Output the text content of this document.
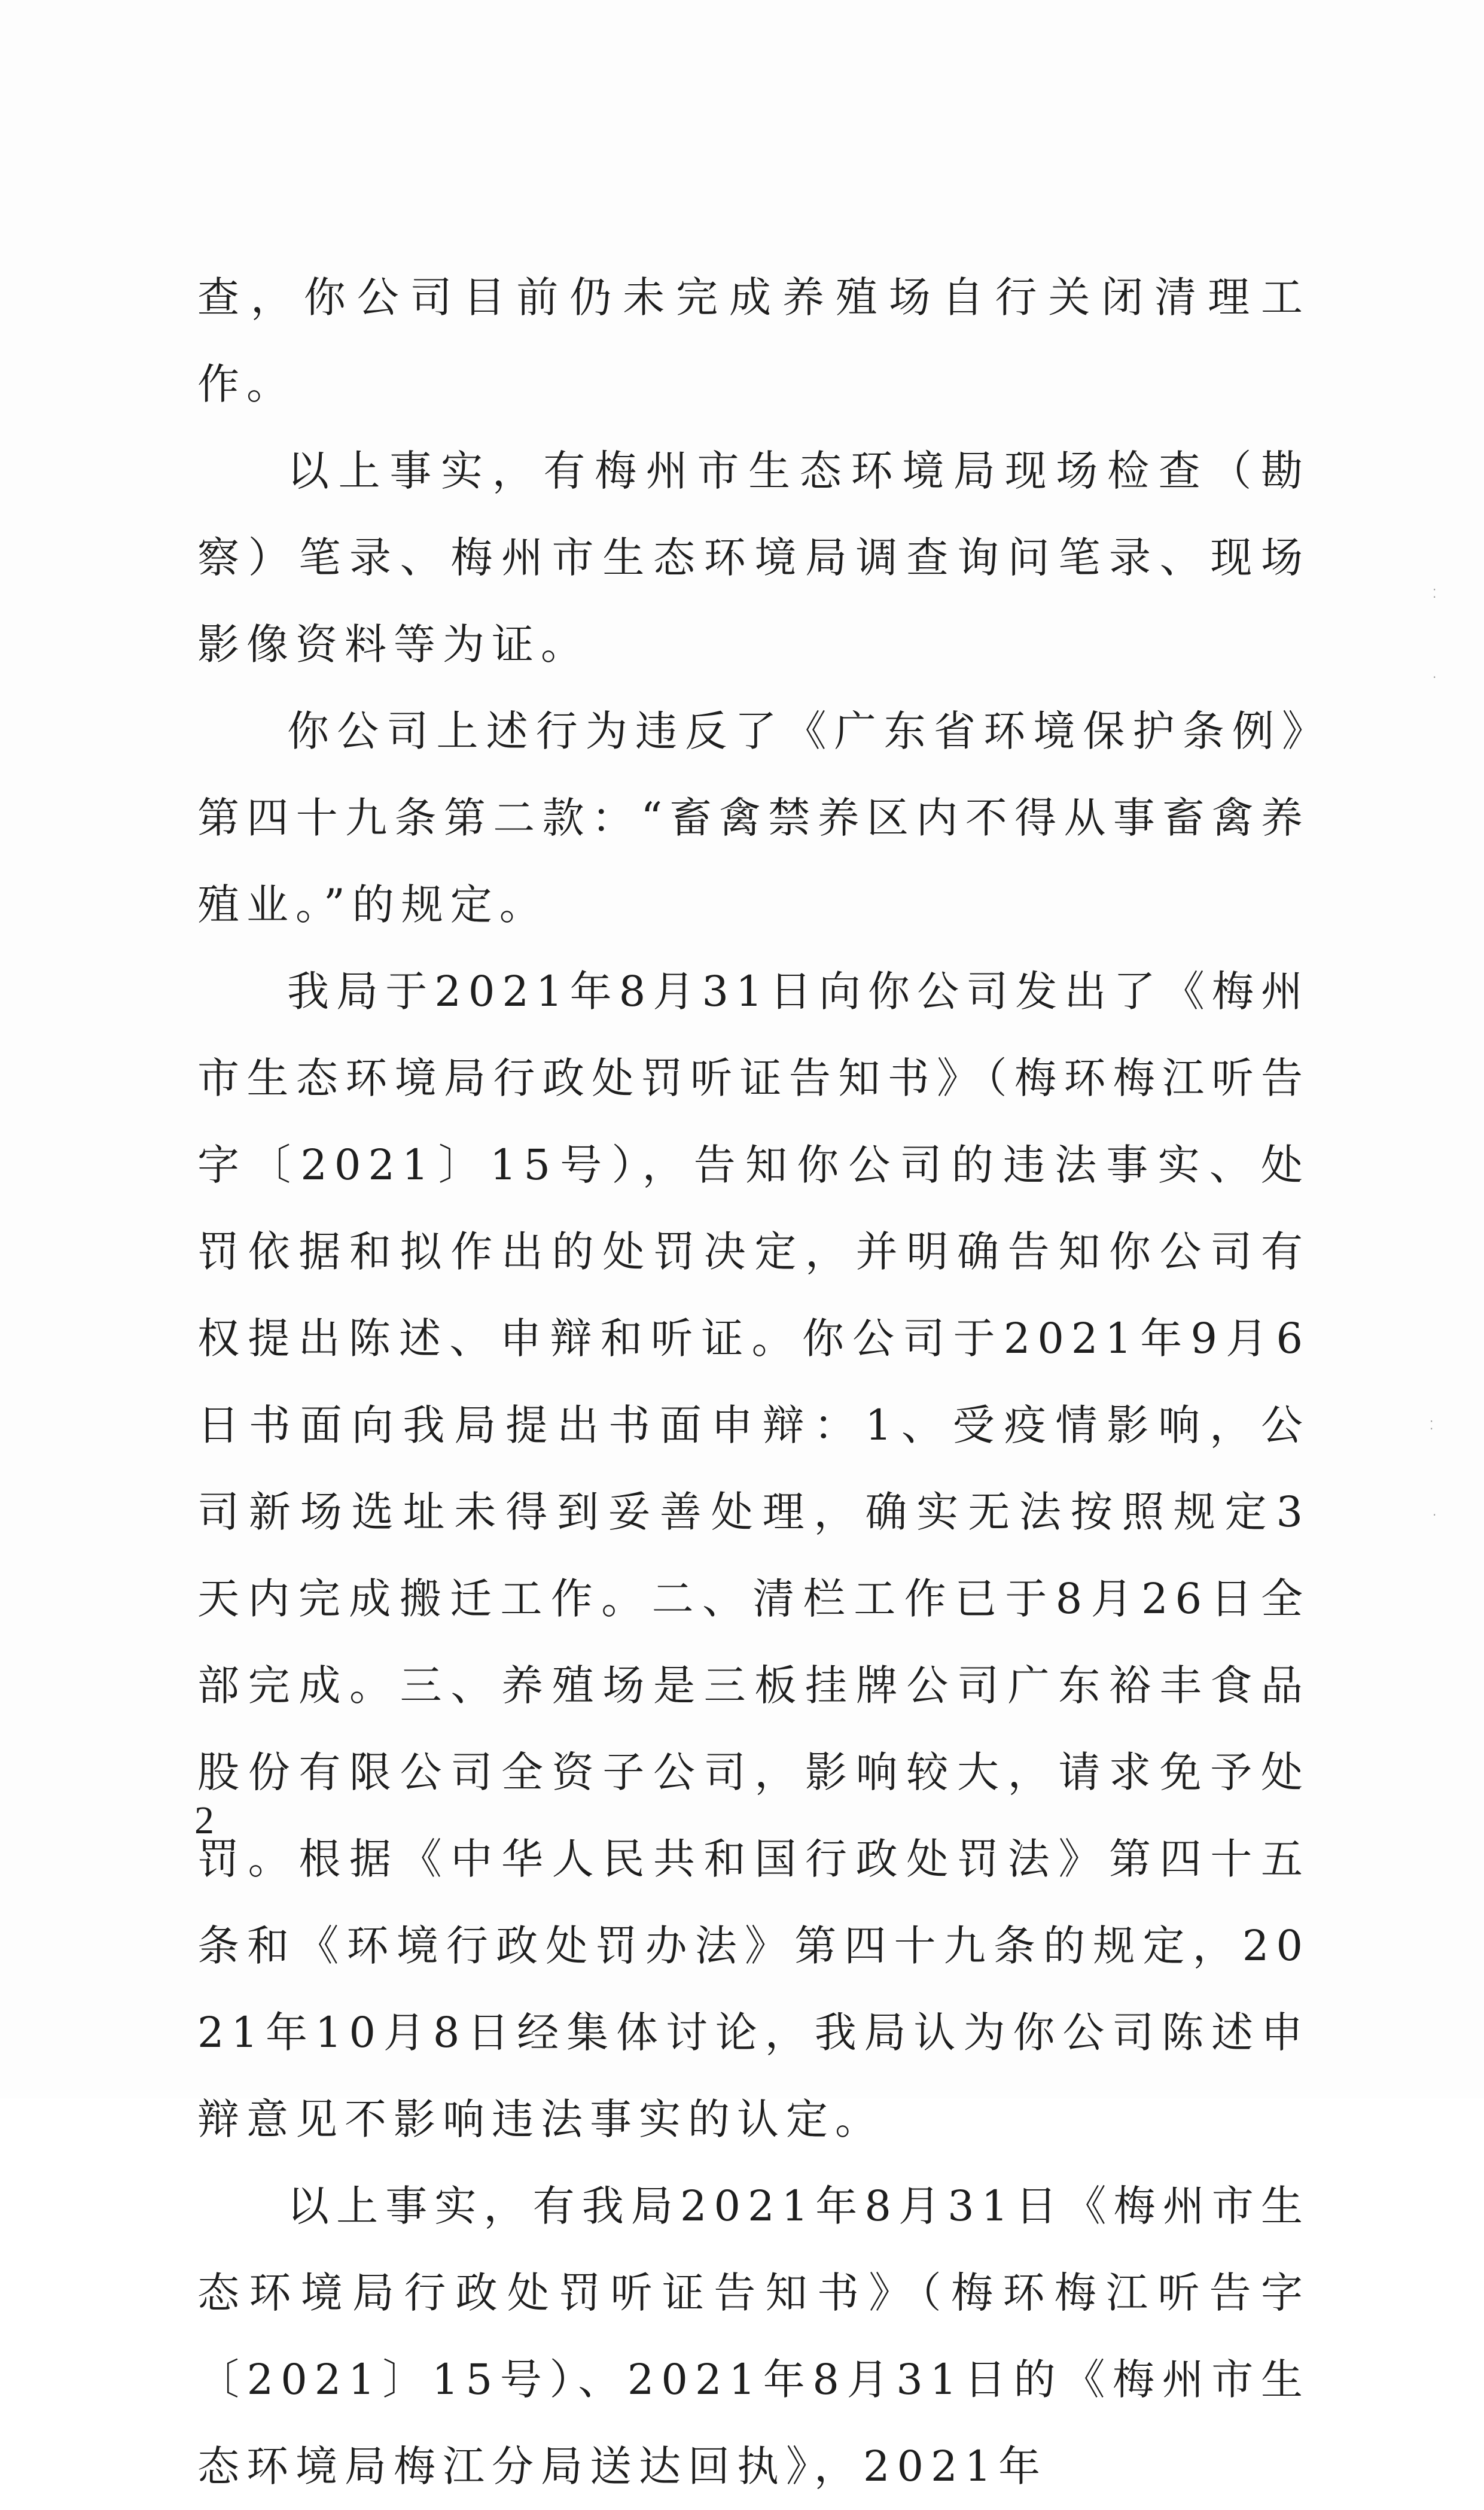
查，你公司目前仍未完成养殖场自行关闭清理工作。

以上事实，有梅州市生态环境局现场检查（勘察）笔录、梅州市生态环境局调查询问笔录、现场影像资料等为证。

你公司上述行为违反了《广东省环境保护条例》第四十九条第二款：“畜禽禁养区内不得从事畜禽养殖业。”的规定。

我局于2021年8月31日向你公司发出了《梅州市生态环境局行政处罚听证告知书》（梅环梅江听告字〔2021〕15号），告知你公司的违法事实、处罚依据和拟作出的处罚决定，并明确告知你公司有权提出陈述、申辩和听证。你公司于2021年9月6日书面向我局提出书面申辩：1、受疫情影响，公司新场选址未得到妥善处理，确实无法按照规定3天内完成搬迁工作。二、清栏工作已于8月26日全部完成。三、养殖场是三板挂牌公司广东裕丰食品股份有限公司全资子公司，影响较大，请求免予处罚。根据《中华人民共和国行政处罚法》第四十五条和《环境行政处罚办法》第四十九条的规定，2021年10月8日经集体讨论，我局认为你公司陈述申辩意见不影响违法事实的认定。

以上事实，有我局2021年8月31日《梅州市生态环境局行政处罚听证告知书》（梅环梅江听告字〔2021〕15号）、2021年8月31日的《梅州市生态环境局梅江分局送达回执》，2021年

2
⁚
·
⁚
·
